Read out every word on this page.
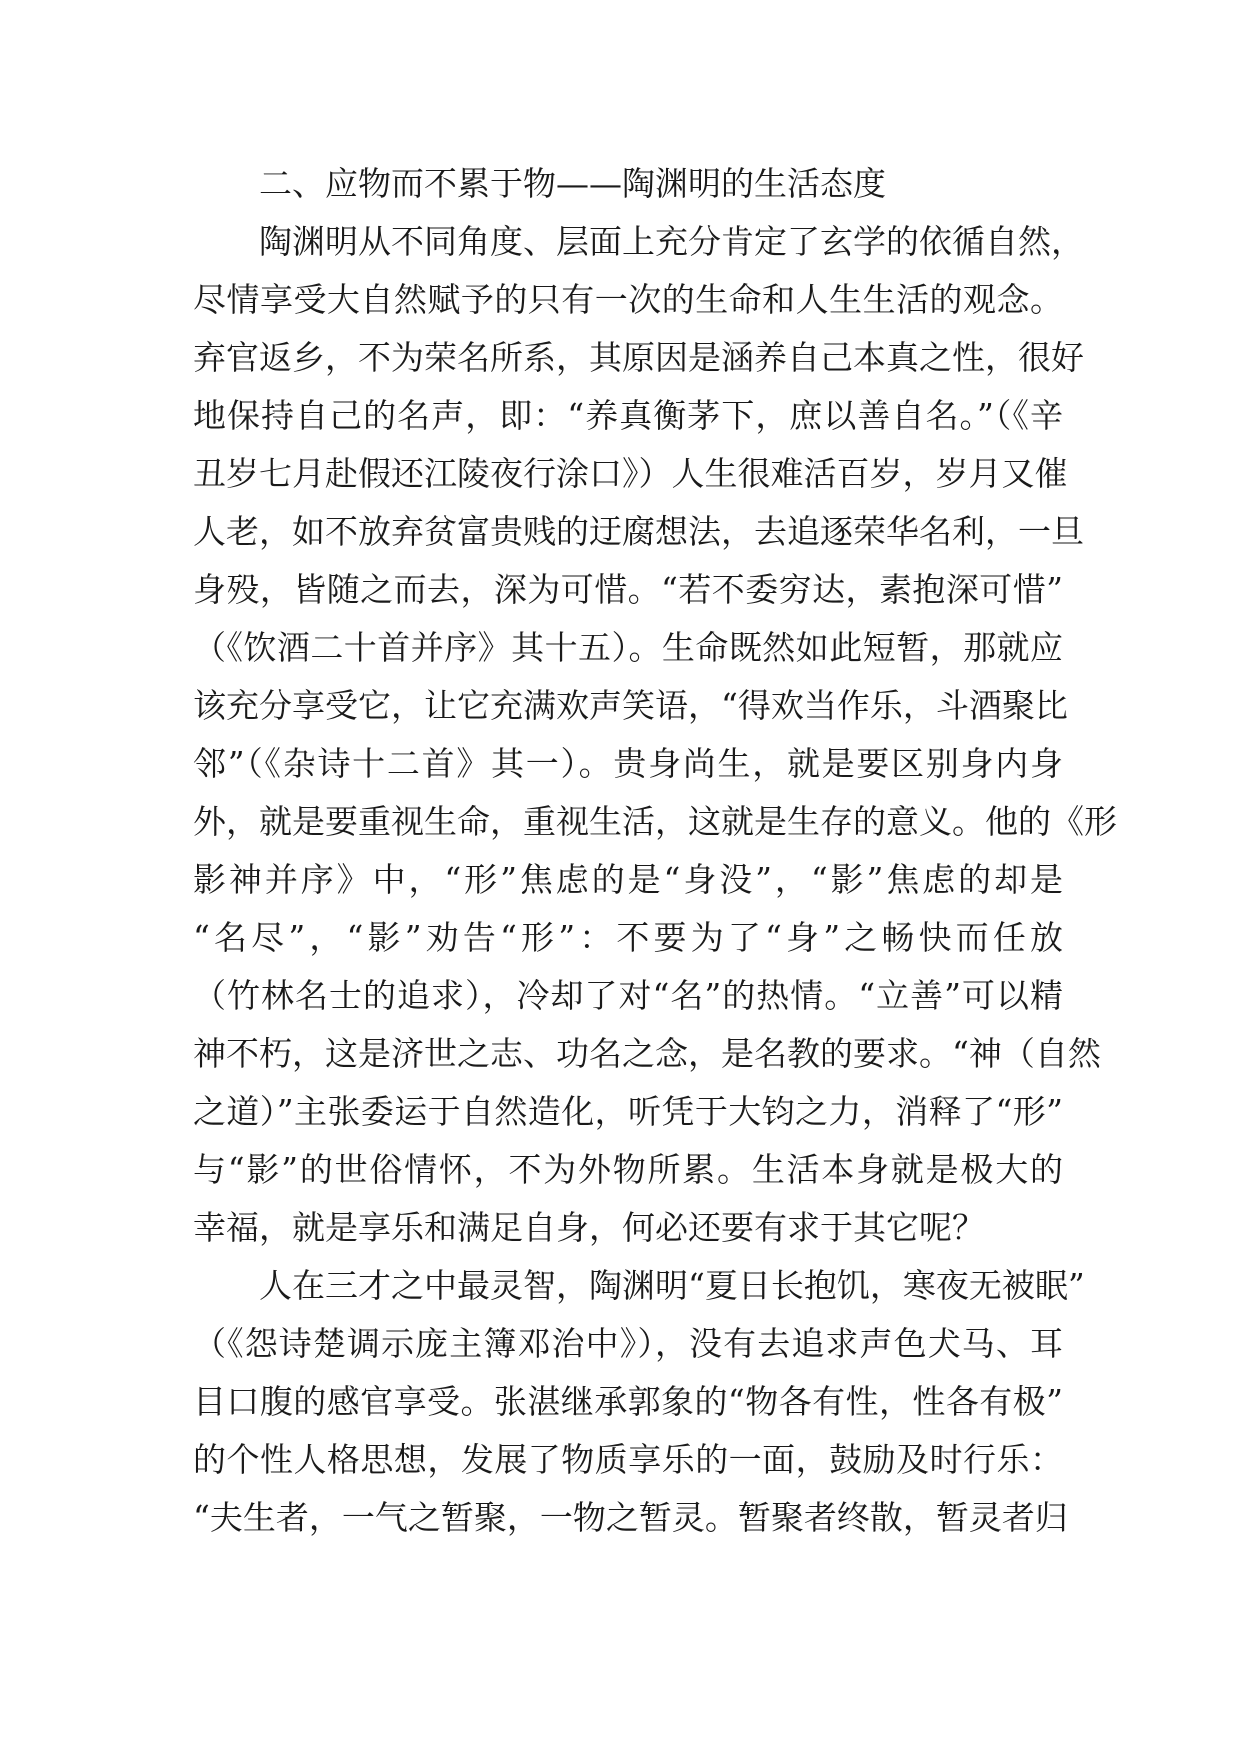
二、应物而不累于物——陶渊明的生活态度
陶渊明从不同角度、层面上充分肯定了玄学的依循自然，
尽情享受大自然赋予的只有一次的生命和人生生活的观念。
弃官返乡，不为荣名所系，其原因是涵养自己本真之性，很好
地保持自己的名声，即：“养真衡茅下，庶以善自名。”（《辛
丑岁七月赴假还江陵夜行涂口》）人生很难活百岁，岁月又催
人老，如不放弃贫富贵贱的迂腐想法，去追逐荣华名利，一旦
身殁，皆随之而去，深为可惜。“若不委穷达，素抱深可惜”
（《饮酒二十首并序》其十五）。生命既然如此短暂，那就应
该充分享受它，让它充满欢声笑语，“得欢当作乐，斗酒聚比
邻”（《杂诗十二首》其一）。贵身尚生，就是要区别身内身
外，就是要重视生命，重视生活，这就是生存的意义。他的《形
影神并序》中，“形”焦虑的是“身没”，“影”焦虑的却是
“名尽”，“影”劝告“形”：不要为了“身”之畅快而任放
（竹林名士的追求），冷却了对“名”的热情。“立善”可以精
神不朽，这是济世之志、功名之念，是名教的要求。“神（自然
之道）”主张委运于自然造化，听凭于大钧之力，消释了“形”
与“影”的世俗情怀，不为外物所累。生活本身就是极大的
幸福，就是享乐和满足自身，何必还要有求于其它呢？
人在三才之中最灵智，陶渊明“夏日长抱饥，寒夜无被眠”
（《怨诗楚调示庞主簿邓治中》），没有去追求声色犬马、耳
目口腹的感官享受。张湛继承郭象的“物各有性，性各有极”
的个性人格思想，发展了物质享乐的一面，鼓励及时行乐：
“夫生者，一气之暂聚，一物之暂灵。暂聚者终散，暂灵者归
